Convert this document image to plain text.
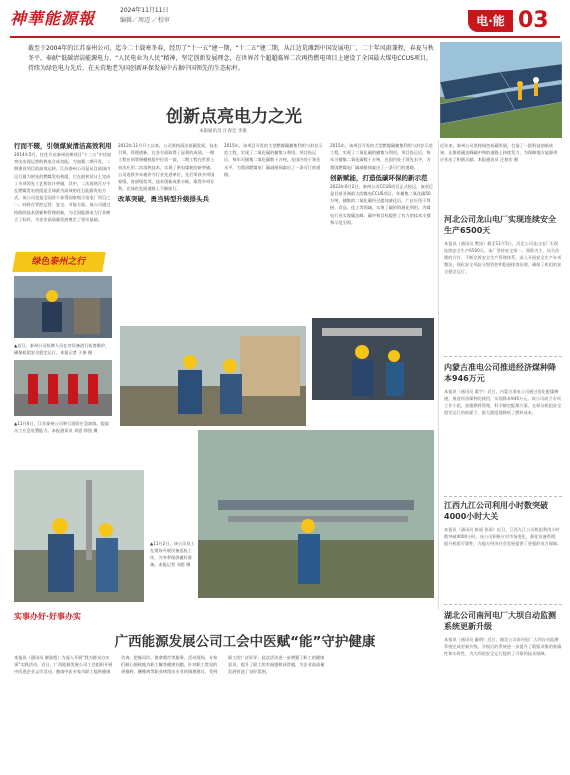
神華能源報	2024年11月11日
编辑／周迈 ／校审	电·能 03
截至于2004年的江苏泰州公司，迄今二十载寒冬春，经历了“十一五”建一期，“十二五”建二期，从江边荒滩到中国发展电厂，二十年风雨兼程，春夏与秋冬平，奉献“低碳清洁能源电力、“人民电业为人民”精神，坚定创新发展理念，在世界首个超超临界二次再热燃电项目上建设了全国最大煤电CCUS项目，持续为绿色电力先后，在天荒地老为国创新环保发展中占据中国领先的生态标杆。
创新点亮电力之光
本報通讯员 汪春宏 李康
行而不辍，引领煤炭清洁高效利用
2014年5月，往往开启泰州首期项目“十二五”中比较突出出现运营的热电合成功能。为加强二期开发，二期建设项目的高效运转。江苏泰州公司是从目前国内运行最为领先的燃煤发电机组，它在最初设计上完成了多项领先工艺和设计突破，其中，二次再热百万千瓦燃煤发电机组是全球最为高效的化石能源发电方式，该公司也是全国首个获得国家级示范电厂项目之一。同时在管控运营、安全、节能方面，该公司通过持续的技术创新和管理创新，为全国能源电力行业树立了标杆，为企业高质量发展奠定了坚实基础。
2013年11月开工以来，公司坚持清洁低碳发展、技术引领、管理创新，在各方面取得了显著的成绩。一期工程在同等规模机组中位居一流，二期工程在世界上首次应用二次再热技术，实现了供电煤耗的新突破。公司连续多年被评为行业先进单位，先后荣获多项国家级、省部级奖项，技术创新成果丰硕，取得多项专利，在绿色发展道路上不断前行。
改革突破，勇当转型升级排头兵
2015年，该项目开发的大型燃煤碳捕集利用与封存示范工程，实现了二氧化碳的捕集与利用。项目投运后，每年可捕集二氧化碳数十万吨，在国内处于领先水平，为我国燃煤电厂碳减排探索出了一条可行的道路。
2015年，该项目开发的大型燃煤碳捕集利用与封存示范工程，实现了二氧化碳的捕集与利用。项目投运后，每年可捕集二氧化碳数十万吨，在国内处于领先水平，为我国燃煤电厂碳减排探索出了一条可行的道路。
创新赋能，打造低碳环保的新示范
2023年6月2日，泰州公司CCUS项目正式投运，该项目是目前亚洲最大的煤电CCUS项目，年捕集二氧化碳50万吨，捕集的二氧化碳经过提纯液化后，广泛应用于焊接、食品、化工等领域，实现了碳的资源化利用，为煤电行业实现碳达峰、碳中和目标提供了有力的技术支撑和示范引领。
绿色泰州之行
▲近日，泰州公司检修人员在对设备进行检查维护，确保机组安全稳定运行。本报记者 于康 摄
▲11月6日，江苏泰州公司举行消防应急演练，提高员工应急处置能力。本报通讯员 刘思 徐凯 摄
▲11月2日，该公司员工在现场开展设备巡检工作，为冬季保供做好准备。本报记者 刘思 摄
近年来，泰州公司坚持绿色低碳发展，打造了一批科技创新成果，在推进碳达峰碳中和的道路上持续发力，为保障地方能源供应作出了积极贡献。本报通讯员 汪春宏 摄
河北公司龙山电厂实现连续安全生产6500天
本报讯（通讯员 樊国）截至11月5日，河北公司龙山电厂实现连续安全生产6500天。该厂坚持安全第一、预防为主、综合治理的方针，不断完善安全生产管理体系，深入开展安全生产专项整治，强化安全风险分级管控和隐患排查治理，确保了机组的安全稳定运行。
内蒙古准电公司推进经济煤种降本946万元
本报讯（通讯员 董宇）近日，内蒙古准电公司通过优化配煤掺烧，推进经济煤种的使用，实现降本946万元。该公司成立专项工作小组，加强燃料管理，科学制定配煤方案，在保证机组安全稳定运行的前提下，最大限度地降低了燃料成本。
江西九江公司利用小时数突破4000小时大关
本报讯（通讯员 陈丽 张雨）近日，江西九江公司机组利用小时数突破4000小时。该公司积极应对市场变化，强化设备管理，提升机组可靠性，为地方经济社会发展提供了坚强的电力保障。
湖北公司南河电厂大坝自动监测系统更新升级
本报讯（通讯员 戴明）近日，湖北公司南河电厂大坝自动监测系统完成更新升级。升级后的系统进一步提升了数据采集的准确性和实时性，为大坝的安全运行提供了可靠的技术保障。
实事办好·好事办实
广西能源发展公司工会中医赋“能”守护健康
本报讯（通讯员 谢金霞）为深入开展“我为群众办实事”实践活动，近日，广西能源发展公司工会组织开展中医进企业义诊活动，邀请中医专家为职工提供健康咨询、把脉问诊、推拿理疗等服务。活动现场，专家们耐心细致地为职工解答健康问题，针对职工常见的颈椎病、腰椎病等职业病给出专业的调理建议，受到职工的广泛好评。此次活动进一步增强了职工的健康意识，提升了职工的幸福感和获得感，为企业高质量发展营造了良好氛围。
